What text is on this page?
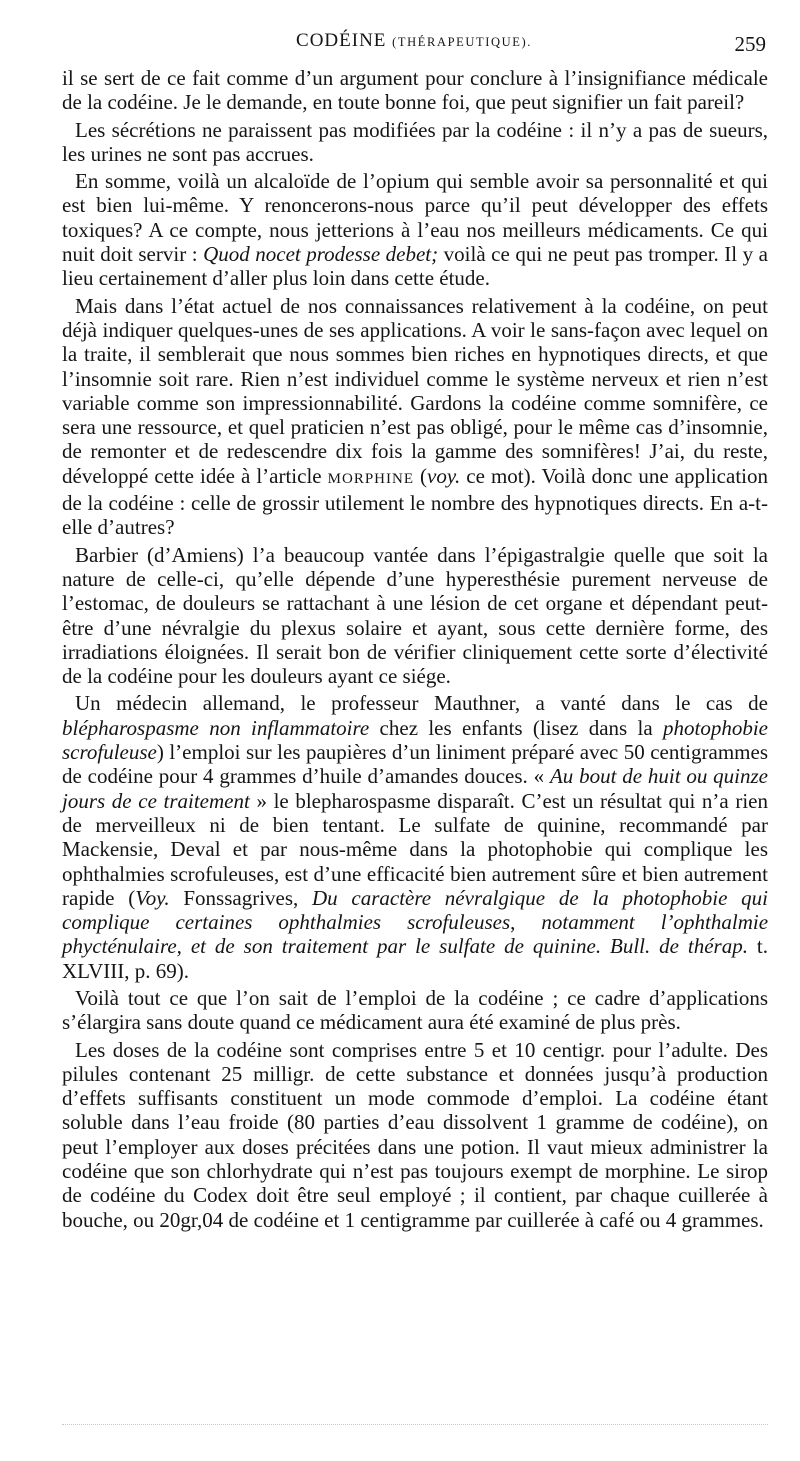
CODÉINE (THÉRAPEUTIQUE).	259

il se sert de ce fait comme d’un argument pour conclure à l’insignifiance médicale de la codéine. Je le demande, en toute bonne foi, que peut signifier un fait pareil?

Les sécrétions ne paraissent pas modifiées par la codéine : il n’y a pas de sueurs, les urines ne sont pas accrues.

En somme, voilà un alcaloïde de l’opium qui semble avoir sa personnalité et qui est bien lui-même. Y renoncerons-nous parce qu’il peut développer des effets toxiques? A ce compte, nous jetterions à l’eau nos meilleurs médicaments. Ce qui nuit doit servir : Quod nocet prodesse debet; voilà ce qui ne peut pas tromper. Il y a lieu certainement d’aller plus loin dans cette étude.

Mais dans l’état actuel de nos connaissances relativement à la codéine, on peut déjà indiquer quelques-unes de ses applications. A voir le sans-façon avec lequel on la traite, il semblerait que nous sommes bien riches en hypnotiques directs, et que l’insomnie soit rare. Rien n’est individuel comme le système nerveux et rien n’est variable comme son impressionnabilité. Gardons la codéine comme somnifère, ce sera une ressource, et quel praticien n’est pas obligé, pour le même cas d’insomnie, de remonter et de redescendre dix fois la gamme des somnifères! J’ai, du reste, développé cette idée à l’article MORPHINE (voy. ce mot). Voilà donc une application de la codéine : celle de grossir utilement le nombre des hypnotiques directs. En a-t-elle d’autres?

Barbier (d’Amiens) l’a beaucoup vantée dans l’épigastralgie quelle que soit la nature de celle-ci, qu’elle dépende d’une hyperesthésie purement nerveuse de l’estomac, de douleurs se rattachant à une lésion de cet organe et dépendant peut-être d’une névralgie du plexus solaire et ayant, sous cette dernière forme, des irradiations éloignées. Il serait bon de vérifier cliniquement cette sorte d’électivité de la codéine pour les douleurs ayant ce siége.

Un médecin allemand, le professeur Mauthner, a vanté dans le cas de blépharospasme non inflammatoire chez les enfants (lisez dans la photophobie scrofuleuse) l’emploi sur les paupières d’un liniment préparé avec 50 centigrammes de codéine pour 4 grammes d’huile d’amandes douces. « Au bout de huit ou quinze jours de ce traitement » le blepharospasme disparaît. C’est un résultat qui n’a rien de merveilleux ni de bien tentant. Le sulfate de quinine, recommandé par Mackensie, Deval et par nous-même dans la photophobie qui complique les ophthalmies scrofuleuses, est d’une efficacité bien autrement sûre et bien autrement rapide (Voy. Fonssagrives, Du caractère névralgique de la photophobie qui complique certaines ophthalmies scrofuleuses, notamment l’ophthalmie phycténulaire, et de son traitement par le sulfate de quinine. Bull. de thérap. t. XLVIII, p. 69).

Voilà tout ce que l’on sait de l’emploi de la codéine ; ce cadre d’applications s’élargira sans doute quand ce médicament aura été examiné de plus près.

Les doses de la codéine sont comprises entre 5 et 10 centigr. pour l’adulte. Des pilules contenant 25 milligr. de cette substance et données jusqu’à production d’effets suffisants constituent un mode commode d’emploi. La codéine étant soluble dans l’eau froide (80 parties d’eau dissolvent 1 gramme de codéine), on peut l’employer aux doses précitées dans une potion. Il vaut mieux administrer la codéine que son chlorhydrate qui n’est pas toujours exempt de morphine. Le sirop de codéine du Codex doit être seul employé ; il contient, par chaque cuillerée à bouche, ou 20gr,04 de codéine et 1 centigramme par cuillerée à café ou 4 grammes.
